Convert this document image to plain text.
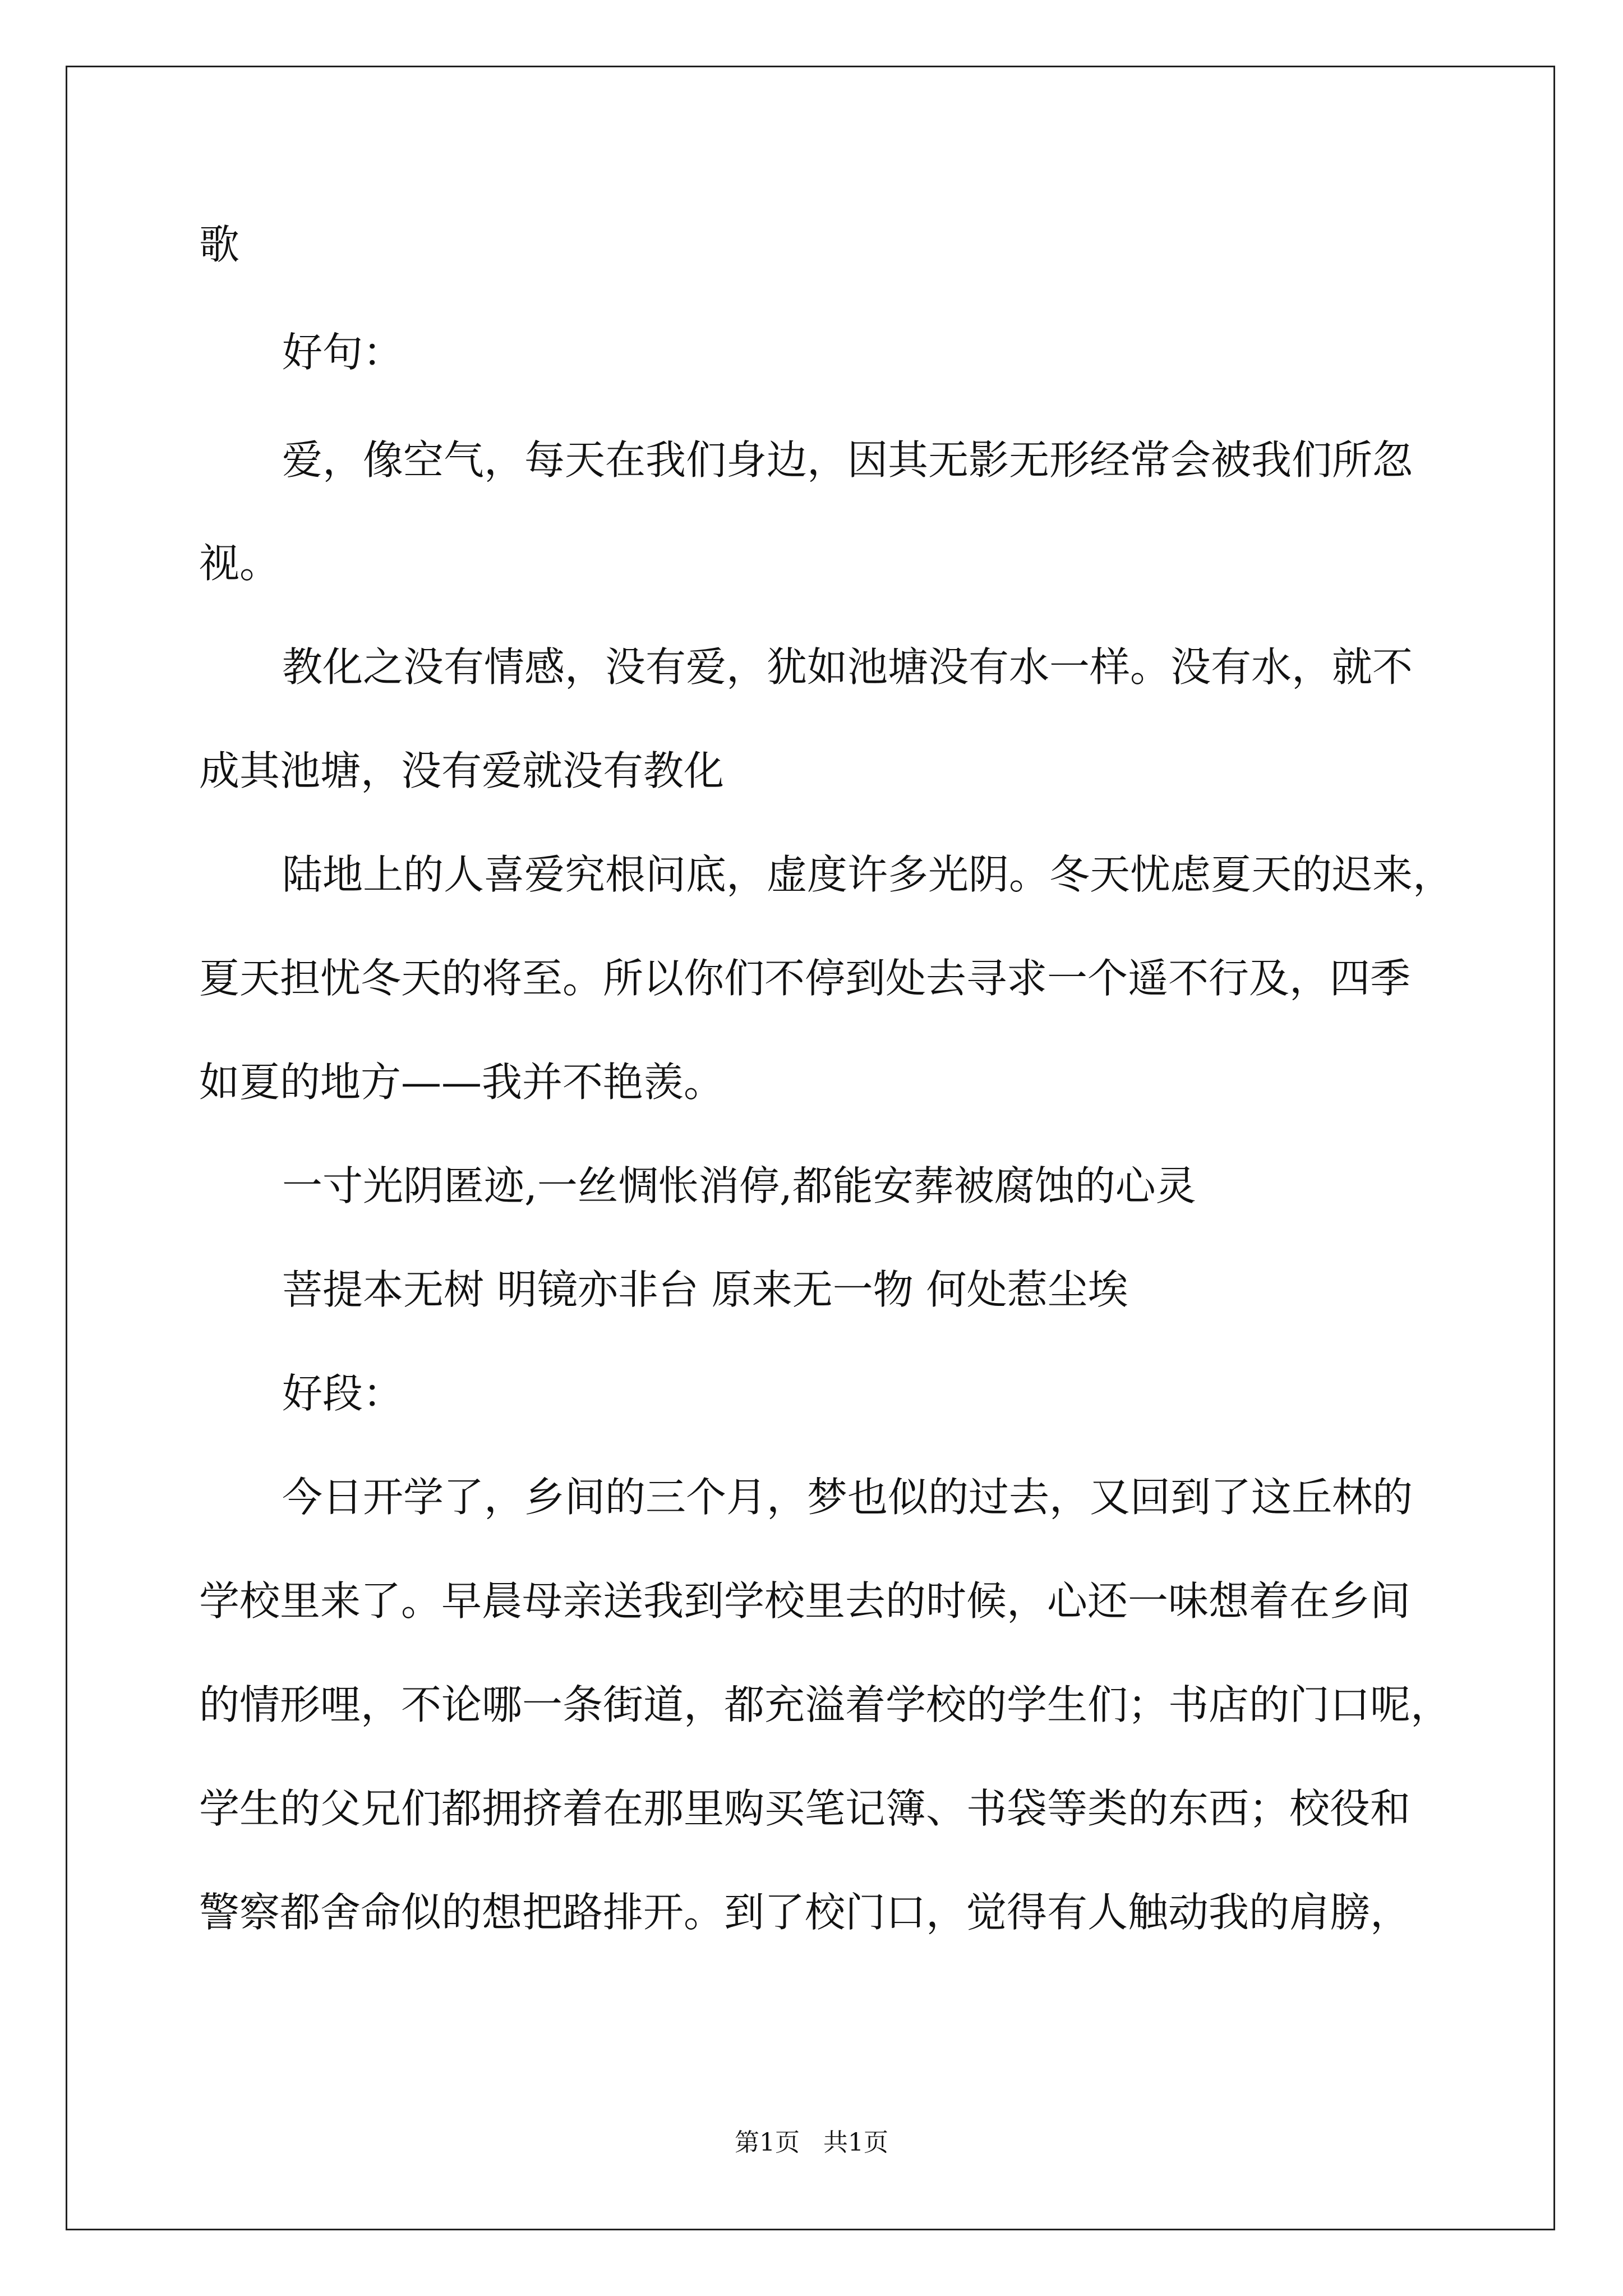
歌
好句：
爱，像空气，每天在我们身边，因其无影无形经常会被我们所忽
视。
教化之没有情感，没有爱，犹如池塘没有水一样。没有水，就不
成其池塘，没有爱就没有教化
陆地上的人喜爱究根问底，虚度许多光阴。冬天忧虑夏天的迟来，
夏天担忧冬天的将至。所以你们不停到处去寻求一个遥不行及，四季
如夏的地方——我并不艳羡。
一寸光阴匿迹,一丝惆怅消停,都能安葬被腐蚀的心灵
菩提本无树 明镜亦非台 原来无一物 何处惹尘埃
好段：
今日开学了，乡间的三个月，梦也似的过去，又回到了这丘林的
学校里来了。早晨母亲送我到学校里去的时候，心还一味想着在乡间
的情形哩，不论哪一条街道，都充溢着学校的学生们；书店的门口呢，
学生的父兄们都拥挤着在那里购买笔记簿、书袋等类的东西；校役和
警察都舍命似的想把路排开。到了校门口，觉得有人触动我的肩膀，
第1页   共1页
